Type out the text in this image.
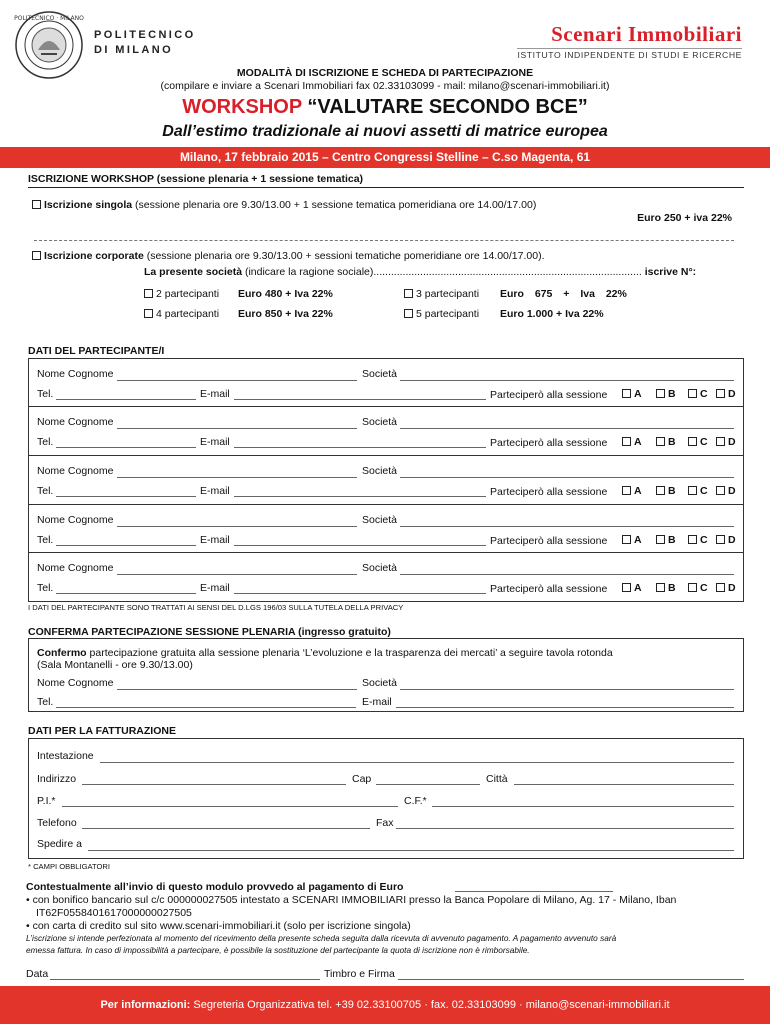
POLITECNICO · MILANO
POLITECNICO
DI MILANO
Scenari Immobiliari
ISTITUTO INDIPENDENTE DI STUDI E RICERCHE
MODALITÀ DI ISCRIZIONE E SCHEDA DI PARTECIPAZIONE
(compilare e inviare a Scenari Immobiliari fax 02.33103099 - mail: milano@scenari-immobiliari.it)
WORKSHOP “VALUTARE SECONDO BCE”
Dall’estimo tradizionale ai nuovi assetti di matrice europea
Milano, 17 febbraio 2015 – Centro Congressi Stelline – C.so Magenta, 61
ISCRIZIONE WORKSHOP (sessione plenaria + 1 sessione tematica)
Iscrizione singola (sessione plenaria ore 9.30/13.00 + 1 sessione tematica pomeridiana ore 14.00/17.00)
Euro 250 + iva 22%
Iscrizione corporate (sessione plenaria ore 9.30/13.00 + sessioni tematiche pomeridiane ore 14.00/17.00).
La presente società (indicare la ragione sociale)............................................................................................ iscrive N°:
2 partecipanti Euro 480 + Iva 22%	3 partecipanti Euro 675 + Iva 22%
4 partecipanti Euro 850 + Iva 22%	5 partecipanti Euro 1.000 + Iva 22%
DATI DEL PARTECIPANTE/I
Nome Cognome	Società
Tel.	E-mail	Parteciperò alla sessione	A	B	C	D
Nome Cognome	Società
Tel.	E-mail	Parteciperò alla sessione	A	B	C	D
Nome Cognome	Società
Tel.	E-mail	Parteciperò alla sessione	A	B	C	D
Nome Cognome	Società
Tel.	E-mail	Parteciperò alla sessione	A	B	C	D
Nome Cognome	Società
Tel.	E-mail	Parteciperò alla sessione	A	B	C	D
I DATI DEL PARTECIPANTE SONO TRATTATI AI SENSI DEL D.LGS 196/03 SULLA TUTELA DELLA PRIVACY
CONFERMA PARTECIPAZIONE SESSIONE PLENARIA (ingresso gratuito)
Confermo partecipazione gratuita alla sessione plenaria ‘L’evoluzione e la trasparenza dei mercati’ a seguire tavola rotonda
(Sala Montanelli - ore 9.30/13.00)
Nome Cognome	Società
Tel.	E-mail
DATI PER LA FATTURAZIONE
Intestazione
Indirizzo	Cap	Città
P.I.*	C.F.*
Telefono	Fax
Spedire a
* CAMPI OBBLIGATORI
Contestualmente all’invio di questo modulo provvedo al pagamento di Euro
• con bonifico bancario sul c/c 000000027505 intestato a SCENARI IMMOBILIARI presso la Banca Popolare di Milano, Ag. 17 - Milano, Iban
IT62F0558401617000000027505
• con carta di credito sul sito www.scenari-immobiliari.it (solo per iscrizione singola)
L’iscrizione si intende perfezionata al momento del ricevimento della presente scheda seguita dalla ricevuta di avvenuto pagamento. A pagamento avvenuto sarà
emessa fattura. In caso di impossibilità a partecipare, è possibile la sostituzione del partecipante la quota di iscrizione non è rimborsabile.
Data	Timbro e Firma
Per informazioni: Segreteria Organizzativa tel. +39 02.33100705 · fax. 02.33103099 · milano@scenari-immobiliari.it
